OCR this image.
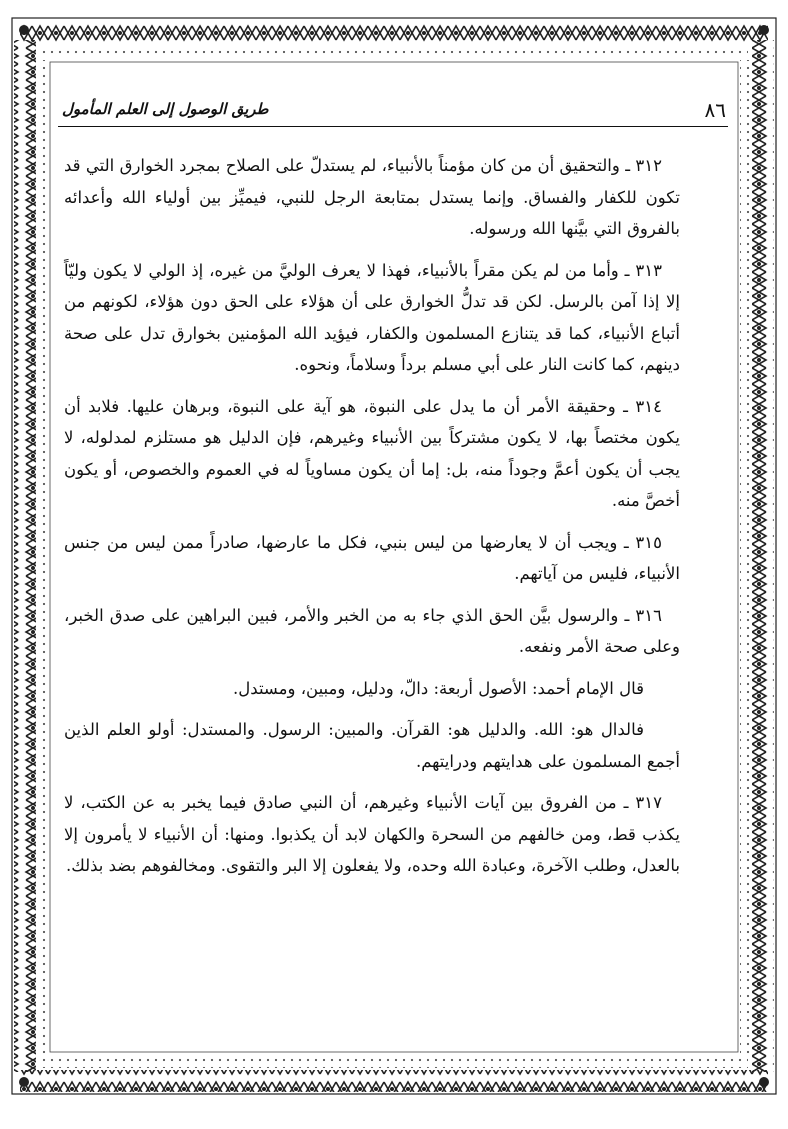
٨٦
طريق الوصول إلى العلم المأمول

٣١٢ ـ والتحقيق أن من كان مؤمناً بالأنبياء، لم يستدلّ على الصلاح بمجرد الخوارق التي قد تكون للكفار والفساق. وإنما يستدل بمتابعة الرجل للنبي، فيميِّز بين أولياء الله وأعدائه بالفروق التي بيَّنها الله ورسوله.

٣١٣ ـ وأما من لم يكن مقراً بالأنبياء، فهذا لا يعرف الوليَّ من غيره، إذ الولي لا يكون وليّاً إلا إذا آمن بالرسل. لكن قد تدلُّ الخوارق على أن هؤلاء على الحق دون هؤلاء، لكونهم من أتباع الأنبياء، كما قد يتنازع المسلمون والكفار، فيؤيد الله المؤمنين بخوارق تدل على صحة دينهم، كما كانت النار على أبي مسلم برداً وسلاماً، ونحوه.

٣١٤ ـ وحقيقة الأمر أن ما يدل على النبوة، هو آية على النبوة، وبرهان عليها. فلابد أن يكون مختصاً بها، لا يكون مشتركاً بين الأنبياء وغيرهم، فإن الدليل هو مستلزم لمدلوله، لا يجب أن يكون أعمَّ وجوداً منه، بل: إما أن يكون مساوياً له في العموم والخصوص، أو يكون أخصَّ منه.

٣١٥ ـ ويجب أن لا يعارضها من ليس بنبي، فكل ما عارضها، صادراً ممن ليس من جنس الأنبياء، فليس من آياتهم.

٣١٦ ـ والرسول بيَّن الحق الذي جاء به من الخبر والأمر، فبين البراهين على صدق الخبر، وعلى صحة الأمر ونفعه.

قال الإمام أحمد: الأصول أربعة: دالّ، ودليل، ومبين، ومستدل.

فالدال هو: الله. والدليل هو: القرآن. والمبين: الرسول. والمستدل: أولو العلم الذين أجمع المسلمون على هدايتهم ودرايتهم.

٣١٧ ـ من الفروق بين آيات الأنبياء وغيرهم، أن النبي صادق فيما يخبر به عن الكتب، لا يكذب قط، ومن خالفهم من السحرة والكهان لابد أن يكذبوا. ومنها: أن الأنبياء لا يأمرون إلا بالعدل، وطلب الآخرة، وعبادة الله وحده، ولا يفعلون إلا البر والتقوى. ومخالفوهم بضد بذلك.
